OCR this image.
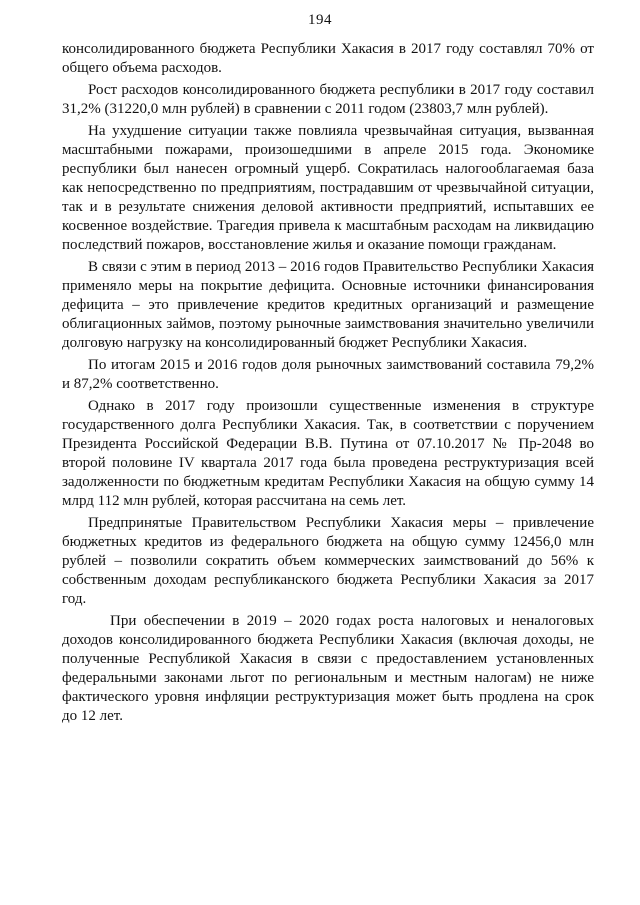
194

консолидированного бюджета Республики Хакасия в 2017 году составлял 70% от общего объема расходов.

Рост расходов консолидированного бюджета республики в 2017 году составил 31,2% (31220,0 млн рублей) в сравнении с 2011 годом (23803,7 млн рублей).

На ухудшение ситуации также повлияла чрезвычайная ситуация, вызванная масштабными пожарами, произошедшими в апреле 2015 года. Экономике республики был нанесен огромный ущерб. Сократилась налогооблагаемая база как непосредственно по предприятиям, пострадавшим от чрезвычайной ситуации, так и в результате снижения деловой активности предприятий, испытавших ее косвенное воздействие. Трагедия привела к масштабным расходам на ликвидацию последствий пожаров, восстановление жилья и оказание помощи гражданам.

В связи с этим в период 2013 – 2016 годов Правительство Республики Хакасия применяло меры на покрытие дефицита. Основные источники финансирования дефицита – это привлечение кредитов кредитных организаций и размещение облигационных займов, поэтому рыночные заимствования значительно увеличили долговую нагрузку на консолидированный бюджет Республики Хакасия.

По итогам 2015 и 2016 годов доля рыночных заимствований составила 79,2% и 87,2% соответственно.

Однако в 2017 году произошли существенные изменения в структуре государственного долга Республики Хакасия. Так, в соответствии с поручением Президента Российской Федерации В.В. Путина от 07.10.2017 № Пр-2048 во второй половине IV квартала 2017 года была проведена реструктуризация всей задолженности по бюджетным кредитам Республики Хакасия на общую сумму 14 млрд 112 млн рублей, которая рассчитана на семь лет.

Предпринятые Правительством Республики Хакасия меры – привлечение бюджетных кредитов из федерального бюджета на общую сумму 12456,0 млн рублей – позволили сократить объем коммерческих заимствований до 56% к собственным доходам республиканского бюджета Республики Хакасия за 2017 год.

При обеспечении в 2019 – 2020 годах роста налоговых и неналоговых доходов консолидированного бюджета Республики Хакасия (включая доходы, не полученные Республикой Хакасия в связи с предоставлением установленных федеральными законами льгот по региональным и местным налогам) не ниже фактического уровня инфляции реструктуризация может быть продлена на срок до 12 лет.
